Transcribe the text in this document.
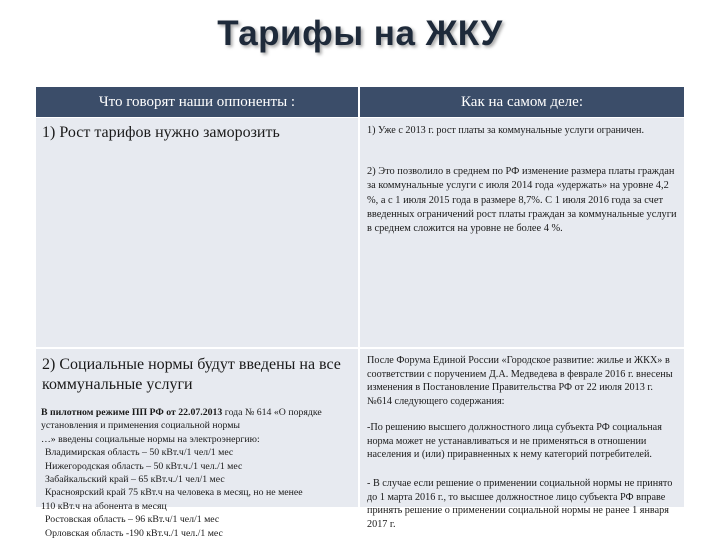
Тарифы на ЖКУ
Что говорят наши оппоненты :	Как на самом деле:

1) Рост тарифов нужно заморозить	1) Уже с 2013 г. рост платы за коммунальные услуги ограничен.

2) Это позволило в среднем по РФ изменение размера платы граждан за коммунальные услуги с июля 2014 года «удержать» на уровне 4,2 %, а с 1 июля 2015 года в размере 8,7%. С 1 июля 2016 года за счет введенных ограничений рост платы граждан за коммунальные услуги в среднем сложится на уровне не более 4 %.

2) Социальные нормы будут введены на все коммунальные услуги

В пилотном режиме ПП РФ от 22.07.2013 года № 614 «О порядке установления и применения социальной нормы
…» введены социальные нормы на электроэнергию:
Владимирская область – 50 кВт.ч/1 чел/1 мес
Нижегородская область – 50 кВт.ч./1 чел./1 мес
Забайкальский край – 65 кВт.ч./1 чел/1 мес
Красноярский край 75 кВт.ч на человека в месяц, но не менее
110 кВт.ч на абонента в месяц
Ростовская область – 96 кВт.ч/1 чел/1 мес
Орловская область -190 кВт.ч./1 чел./1 мес

После Форума Единой России «Городское развитие: жилье и ЖКХ» в соответствии с поручением Д.А. Медведева в феврале 2016 г. внесены изменения в Постановление Правительства РФ от 22 июля 2013 г. №614 следующего содержания:

-По решению высшего должностного лица субъекта РФ социальная норма может не устанавливаться и не применяться в отношении населения и (или) приравненных к нему категорий потребителей.

- В случае если решение о применении социальной нормы не принято до 1 марта 2016 г., то высшее должностное лицо субъекта РФ вправе принять решение о применении социальной нормы не ранее 1 января 2017 г.
